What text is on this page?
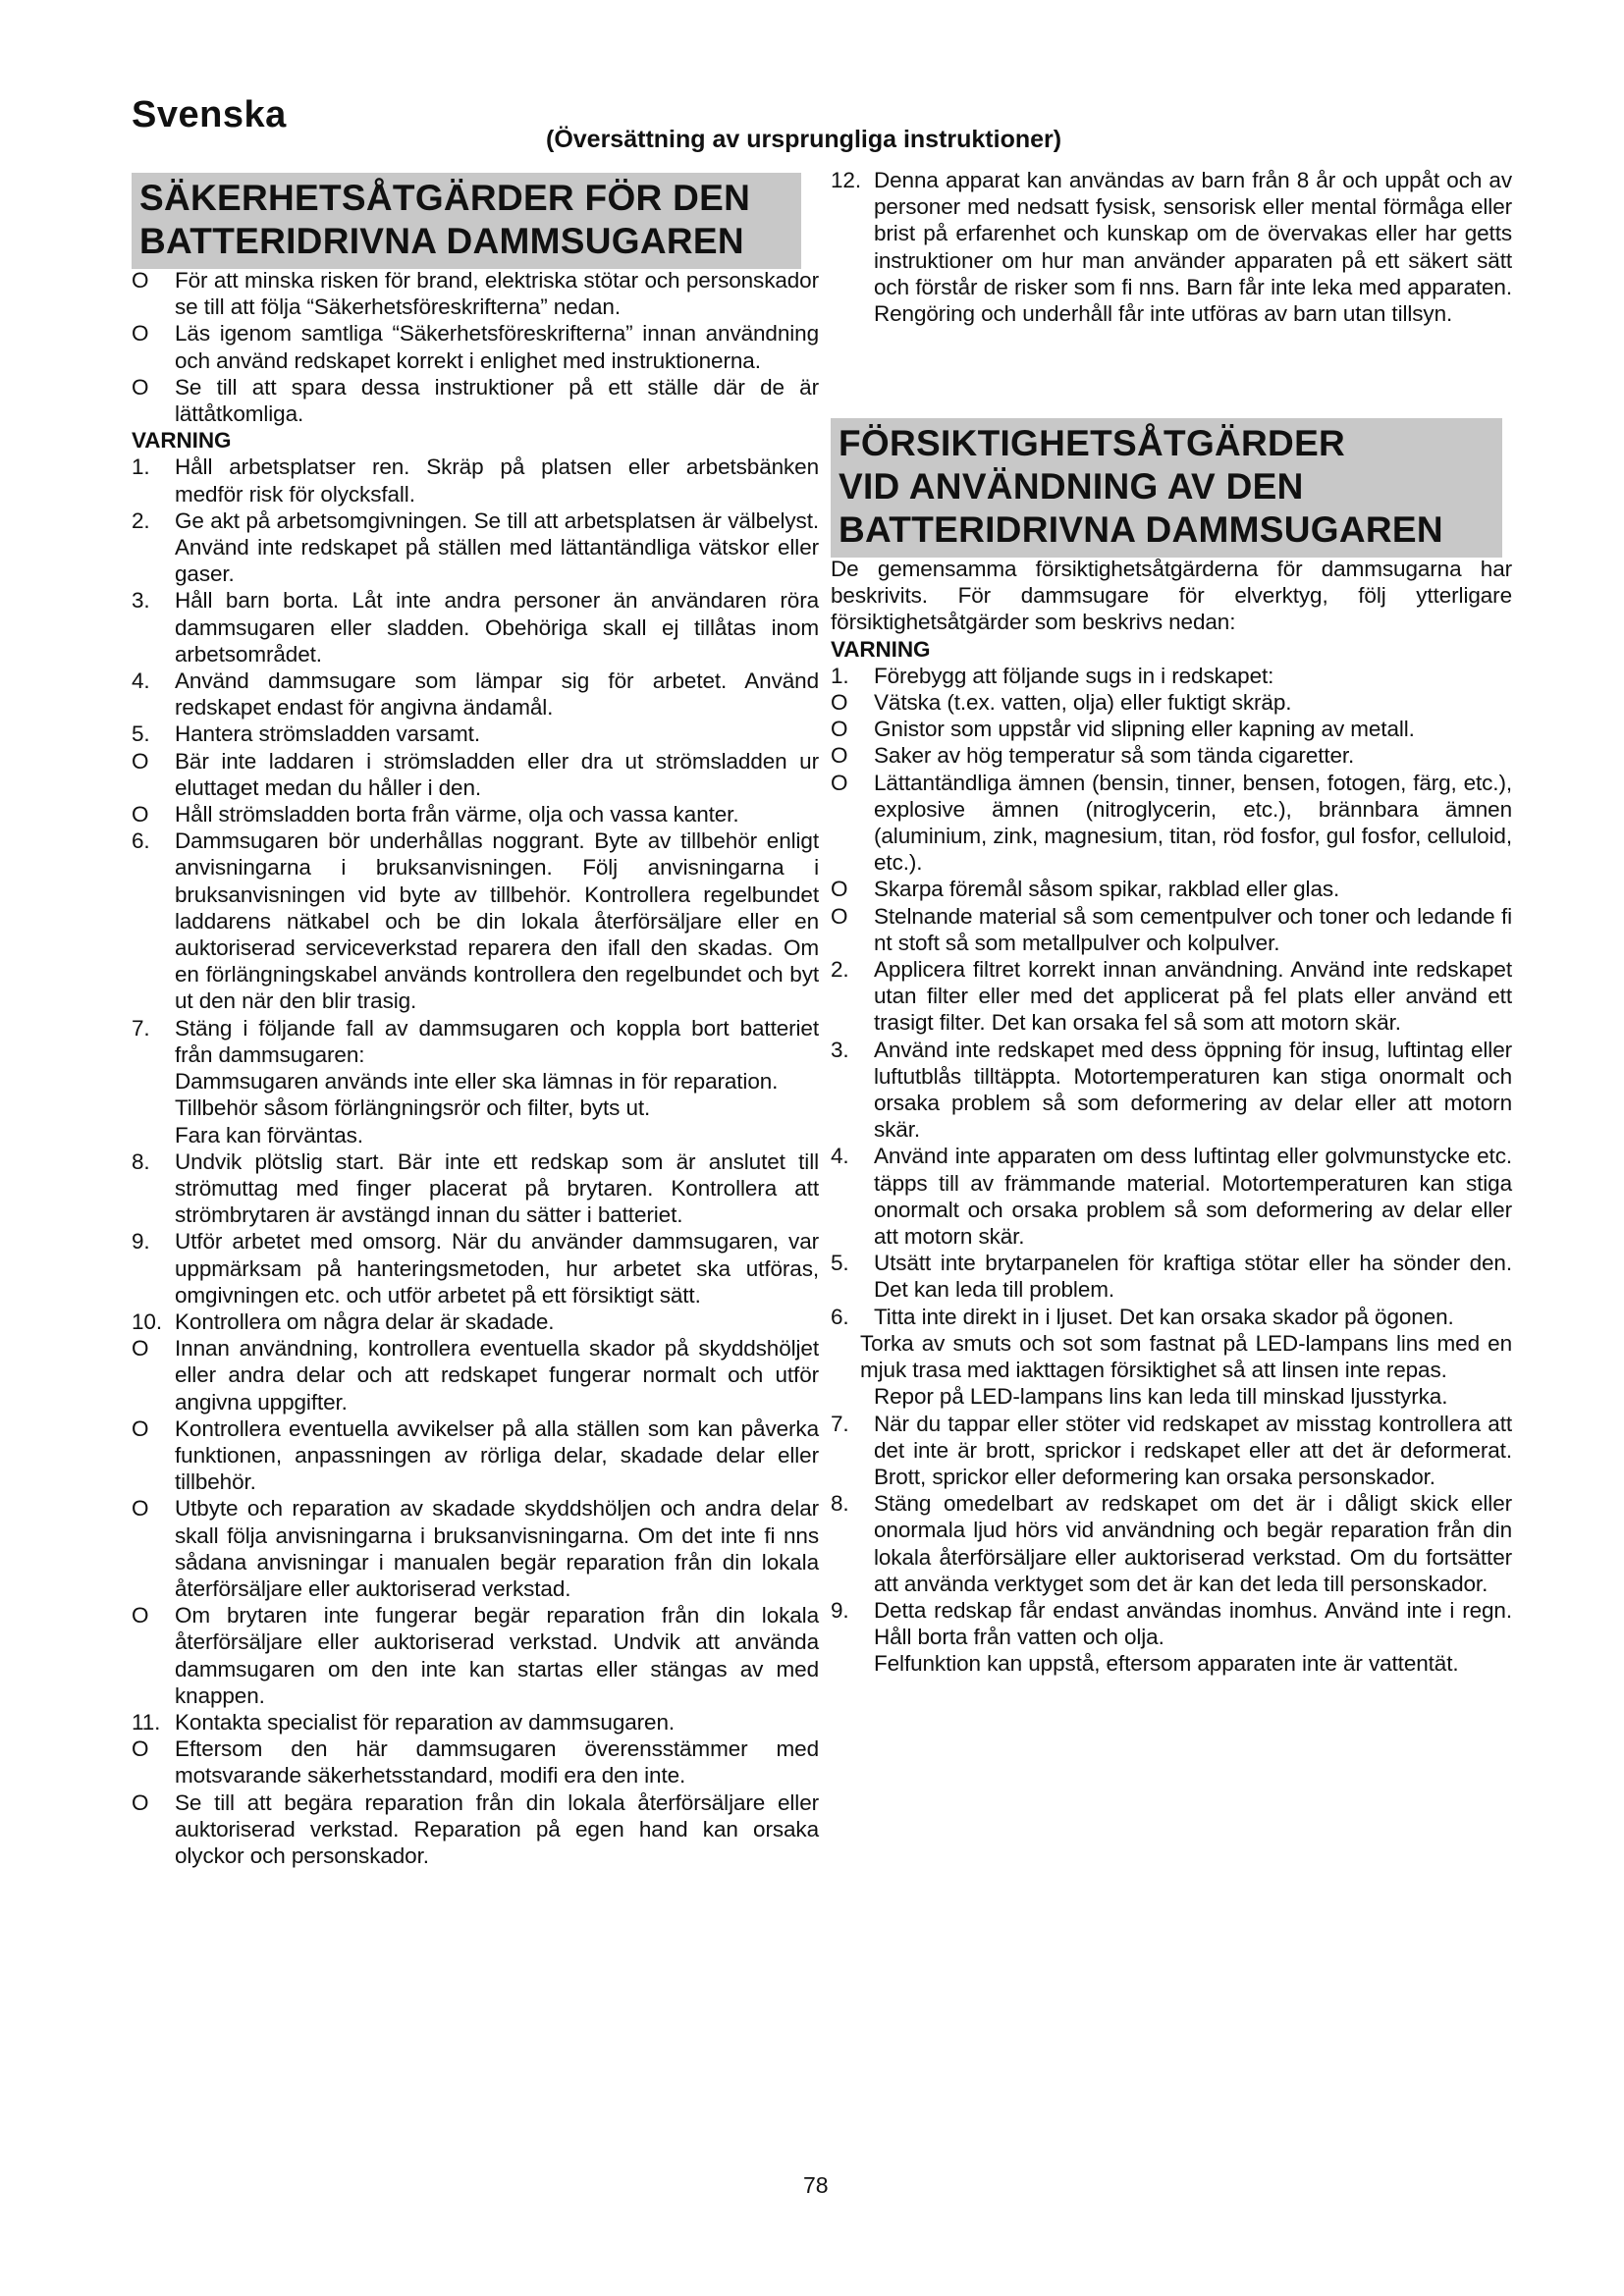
Svenska
(Översättning av ursprungliga instruktioner)
SÄKERHETSÅTGÄRDER FÖR DEN
BATTERIDRIVNA DAMMSUGAREN
O	För att minska risken för brand, elektriska stötar och personskador se till att följa “Säkerhetsföreskrifterna” nedan.
O	Läs igenom samtliga “Säkerhetsföreskrifterna” innan användning och använd redskapet korrekt i enlighet med instruktionerna.
O	Se till att spara dessa instruktioner på ett ställe där de är lättåtkomliga.
VARNING
1.	Håll arbetsplatser ren. Skräp på platsen eller arbetsbänken medför risk för olycksfall.
2.	Ge akt på arbetsomgivningen. Se till att arbetsplatsen är välbelyst. Använd inte redskapet på ställen med lättantändliga vätskor eller gaser.
3.	Håll barn borta. Låt inte andra personer än användaren röra dammsugaren eller sladden. Obehöriga skall ej tillåtas inom arbetsområdet.
4.	Använd dammsugare som lämpar sig för arbetet. Använd redskapet endast för angivna ändamål.
5.	Hantera strömsladden varsamt.
O	Bär inte laddaren i strömsladden eller dra ut strömsladden ur eluttaget medan du håller i den.
O	Håll strömsladden borta från värme, olja och vassa kanter.
6.	Dammsugaren bör underhållas noggrant. Byte av tillbehör enligt anvisningarna i bruksanvisningen. Följ anvisningarna i bruksanvisningen vid byte av tillbehör. Kontrollera regelbundet laddarens nätkabel och be din lokala återförsäljare eller en auktoriserad serviceverkstad reparera den ifall den skadas. Om en förlängningskabel används kontrollera den regelbundet och byt ut den när den blir trasig.
7.	Stäng i följande fall av dammsugaren och koppla bort batteriet från dammsugaren:
Dammsugaren används inte eller ska lämnas in för reparation.
Tillbehör såsom förlängningsrör och filter, byts ut.
Fara kan förväntas.
8.	Undvik plötslig start. Bär inte ett redskap som är anslutet till strömuttag med finger placerat på brytaren. Kontrollera att strömbrytaren är avstängd innan du sätter i batteriet.
9.	Utför arbetet med omsorg. När du använder dammsugaren, var uppmärksam på hanteringsmetoden, hur arbetet ska utföras, omgivningen etc. och utför arbetet på ett försiktigt sätt.
10. Kontrollera om några delar är skadade.
O	Innan användning, kontrollera eventuella skador på skyddshöljet eller andra delar och att redskapet fungerar normalt och utför angivna uppgifter.
O	Kontrollera eventuella avvikelser på alla ställen som kan påverka funktionen, anpassningen av rörliga delar, skadade delar eller tillbehör.
O	Utbyte och reparation av skadade skyddshöljen och andra delar skall följa anvisningarna i bruksanvisningarna. Om det inte fi nns sådana anvisningar i manualen begär reparation från din lokala återförsäljare eller auktoriserad verkstad.
O	Om brytaren inte fungerar begär reparation från din lokala återförsäljare eller auktoriserad verkstad. Undvik att använda dammsugaren om den inte kan startas eller stängas av med knappen.
11. Kontakta specialist för reparation av dammsugaren.
O	Eftersom den här dammsugaren överensstämmer med motsvarande säkerhetsstandard, modifi era den inte.
O	Se till att begära reparation från din lokala återförsäljare eller auktoriserad verkstad. Reparation på egen hand kan orsaka olyckor och personskador.
12. Denna apparat kan användas av barn från 8 år och uppåt och av personer med nedsatt fysisk, sensorisk eller mental förmåga eller brist på erfarenhet och kunskap om de övervakas eller har getts instruktioner om hur man använder apparaten på ett säkert sätt och förstår de risker som fi nns. Barn får inte leka med apparaten. Rengöring och underhåll får inte utföras av barn utan tillsyn.
FÖRSIKTIGHETSÅTGÄRDER
VID ANVÄNDNING AV DEN
BATTERIDRIVNA DAMMSUGAREN
De gemensamma försiktighetsåtgärderna för dammsugarna har beskrivits. För dammsugare för elverktyg, följ ytterligare försiktighetsåtgärder som beskrivs nedan:
VARNING
1.	Förebygg att följande sugs in i redskapet:
O	Vätska (t.ex. vatten, olja) eller fuktigt skräp.
O	Gnistor som uppstår vid slipning eller kapning av metall.
O	Saker av hög temperatur så som tända cigaretter.
O	Lättantändliga ämnen (bensin, tinner, bensen, fotogen, färg, etc.), explosive ämnen (nitroglycerin, etc.), brännbara ämnen (aluminium, zink, magnesium, titan, röd fosfor, gul fosfor, celluloid, etc.).
O	Skarpa föremål såsom spikar, rakblad eller glas.
O	Stelnande material så som cementpulver och toner och ledande fi nt stoft så som metallpulver och kolpulver.
2.	Applicera filtret korrekt innan användning. Använd inte redskapet utan filter eller med det applicerat på fel plats eller använd ett trasigt filter. Det kan orsaka fel så som att motorn skär.
3.	Använd inte redskapet med dess öppning för insug, luftintag eller luftutblås tilltäppta. Motortemperaturen kan stiga onormalt och orsaka problem så som deformering av delar eller att motorn skär.
4.	Använd inte apparaten om dess luftintag eller golvmunstycke etc. täpps till av främmande material. Motortemperaturen kan stiga onormalt och orsaka problem så som deformering av delar eller att motorn skär.
5.	Utsätt inte brytarpanelen för kraftiga stötar eller ha sönder den. Det kan leda till problem.
6.	Titta inte direkt in i ljuset. Det kan orsaka skador på ögonen.
Torka av smuts och sot som fastnat på LED-lampans lins med en mjuk trasa med iakttagen försiktighet så att linsen inte repas.
Repor på LED-lampans lins kan leda till minskad ljusstyrka.
7.	När du tappar eller stöter vid redskapet av misstag kontrollera att det inte är brott, sprickor i redskapet eller att det är deformerat. Brott, sprickor eller deformering kan orsaka personskador.
8.	Stäng omedelbart av redskapet om det är i dåligt skick eller onormala ljud hörs vid användning och begär reparation från din lokala återförsäljare eller auktoriserad verkstad. Om du fortsätter att använda verktyget som det är kan det leda till personskador.
9.	Detta redskap får endast användas inomhus. Använd inte i regn. Håll borta från vatten och olja.
Felfunktion kan uppstå, eftersom apparaten inte är vattentät.
78
